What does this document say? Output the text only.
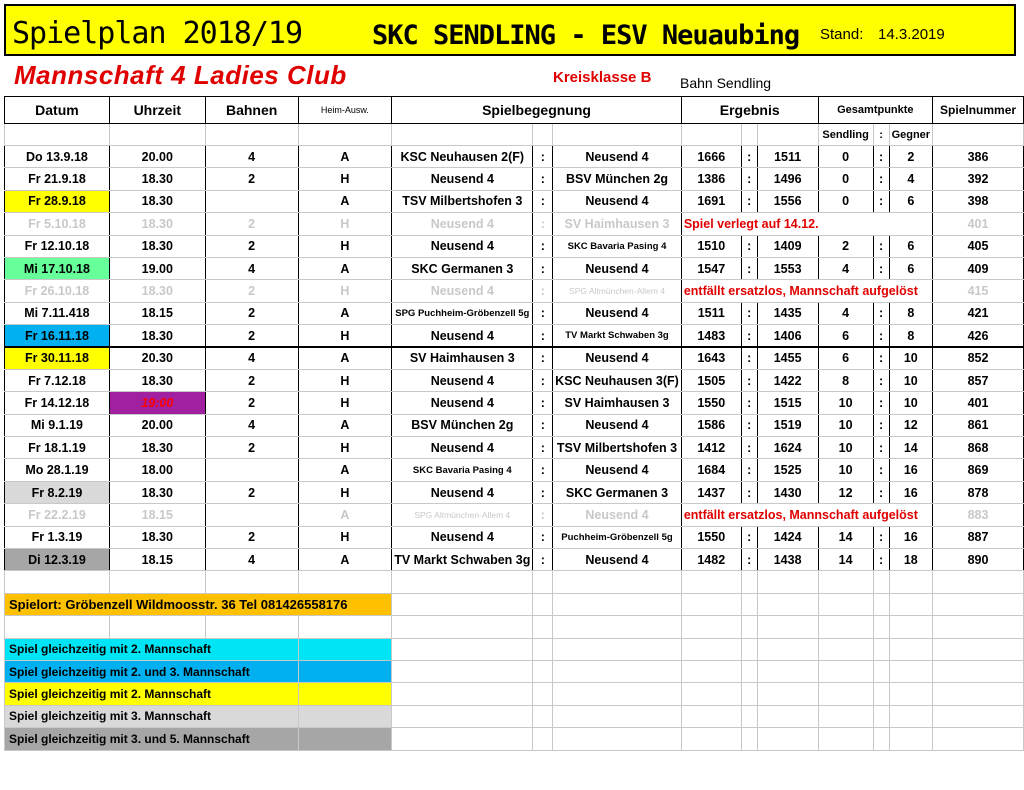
Spielplan 2018/19	SKC SENDLING - ESV Neuaubing Stand: 14.3.2019
Mannschaft 4 Ladies Club	Kreisklasse B Bahn Sendling
Datum	Uhrzeit	Bahnen	Heim-Ausw.	Spielbegegnung			Ergebnis			Gesamtpunkte			Spielnummer
										Sendling	:	Gegner	
Do 13.9.18	20.00	4	A	KSC Neuhausen 2(F)	:	Neusend 4	1666	:	1511	0	:	2	386
Fr 21.9.18	18.30	2	H	Neusend 4	:	BSV München 2g	1386	:	1496	0	:	4	392
Fr 28.9.18	18.30		A	TSV Milbertshofen 3	:	Neusend 4	1691	:	1556	0	:	6	398
Fr 5.10.18	18.30	2	H	Neusend 4	:	SV Haimhausen 3	Spiel verlegt auf 14.12.						401
Fr 12.10.18	18.30	2	H	Neusend 4	:	SKC Bavaria Pasing 4	1510	:	1409	2	:	6	405
Mi 17.10.18	19.00	4	A	SKC Germanen 3	:	Neusend 4	1547	:	1553	4	:	6	409
Fr 26.10.18	18.30	2	H	Neusend 4	:	SPG Altmünchen-Allem 4	entfällt ersatzlos, Mannschaft aufgelöst						415
Mi 7.11.418	18.15	2	A	SPG Puchheim-Gröbenzell 5g	:	Neusend 4	1511	:	1435	4	:	8	421
Fr 16.11.18	18.30	2	H	Neusend 4	:	TV Markt Schwaben 3g	1483	:	1406	6	:	8	426
Fr 30.11.18	20.30	4	A	SV Haimhausen 3	:	Neusend 4	1643	:	1455	6	:	10	852
Fr 7.12.18	18.30	2	H	Neusend 4	:	KSC Neuhausen 3(F)	1505	:	1422	8	:	10	857
Fr 14.12.18	19:00	2	H	Neusend 4	:	SV Haimhausen 3	1550	:	1515	10	:	10	401
Mi 9.1.19	20.00	4	A	BSV München 2g	:	Neusend 4	1586	:	1519	10	:	12	861
Fr 18.1.19	18.30	2	H	Neusend 4	:	TSV Milbertshofen 3	1412	:	1624	10	:	14	868
Mo 28.1.19	18.00		A	SKC Bavaria Pasing 4	:	Neusend 4	1684	:	1525	10	:	16	869
Fr 8.2.19	18.30	2	H	Neusend 4	:	SKC Germanen 3	1437	:	1430	12	:	16	878
Fr 22.2.19	18.15		A	SPG Altmünchen-Allem 4	:	Neusend 4	entfällt ersatzlos, Mannschaft aufgelöst						883
Fr 1.3.19	18.30	2	H	Neusend 4	:	Puchheim-Gröbenzell 5g	1550	:	1424	14	:	16	887
Di 12.3.19	18.15	4	A	TV Markt Schwaben 3g	:	Neusend 4	1482	:	1438	14	:	18	890

Spielort: Gröbenzell Wildmoosstr. 36 Tel 081426558176													

Spiel gleichzeitig mit 2. Mannschaft													
Spiel gleichzeitig mit 2. und 3. Mannschaft													
Spiel gleichzeitig mit 2. Mannschaft													
Spiel gleichzeitig mit 3. Mannschaft													
Spiel gleichzeitig mit 3. und 5. Mannschaft													
